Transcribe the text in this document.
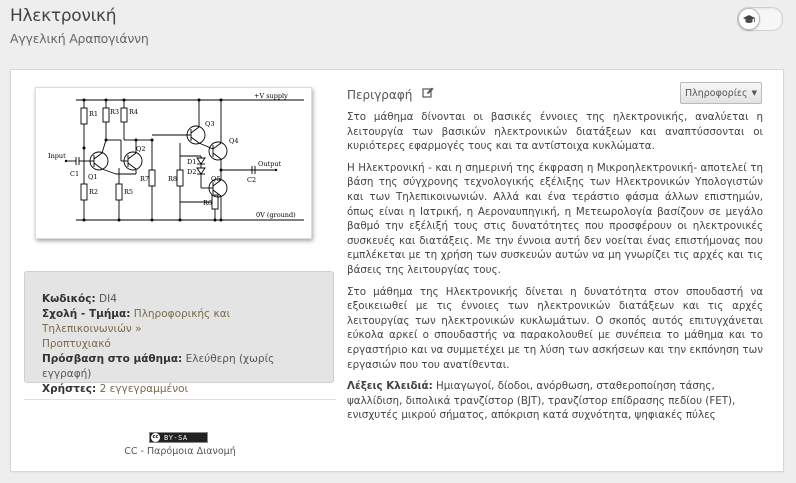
Ηλεκτρονική
Αγγελική Αραπογιάννη
R1 R3 R4
R2	R5
R7	R8
R6
Q1
Q2
Q3
Q4
Q5
C1
C2
D1
D2
Input
Output
+V supply
0V (ground)
Κωδικός: DI4
Σχολή - Τμήμα: Πληροφορικής και Τηλεπικοινωνιών »
Προπτυχιακό
Πρόσβαση στο μάθημα: Ελεύθερη (χωρίς εγγραφή)
Χρήστες: 2 εγγεγραμμένοι
cc BY-SA
CC - Παρόμοια Διανομή
Περιγραφή	Πληροφορίες ▼

Στο μάθημα δίνονται οι βασικές έννοιες της ηλεκτρονικής, αναλύεται η λειτουργία των βασικών ηλεκτρονικών διατάξεων και αναπτύσσονται οι κυριότερες εφαρμογές τους και τα αντίστοιχα κυκλώματα.

Η Ηλεκτρονική - και η σημερινή της έκφραση η Μικροηλεκτρονική- αποτελεί τη βάση της σύγχρονης τεχνολογικής εξέλιξης των Ηλεκτρονικών Υπολογιστών και των Τηλεπικοινωνιών. Αλλά και ένα τεράστιο φάσμα άλλων επιστημών, όπως είναι η Ιατρική, η Αεροναυπηγική, η Μετεωρολογία βασίζουν σε μεγάλο βαθμό την εξέλιξή τους στις δυνατότητες που προσφέρουν οι ηλεκτρονικές συσκευές και διατάξεις. Με την έννοια αυτή δεν νοείται ένας επιστήμονας που εμπλέκεται με τη χρήση των συσκευών αυτών να μη γνωρίζει τις αρχές και τις βάσεις της λειτουργίας τους.

Στο μάθημα της Ηλεκτρονικής δίνεται η δυνατότητα στον σπουδαστή να εξοικειωθεί με τις έννοιες των ηλεκτρονικών διατάξεων και τις αρχές λειτουργίας των ηλεκτρονικών κυκλωμάτων. Ο σκοπός αυτός επιτυγχάνεται εύκολα αρκεί ο σπουδαστής να παρακολουθεί με συνέπεια το μάθημα και το εργαστήριο και να συμμετέχει με τη λύση των ασκήσεων και την εκπόνηση των εργασιών που του ανατίθενται.

Λέξεις Κλειδιά: Ημιαγωγοί, δίοδοι, ανόρθωση, σταθεροποίηση τάσης, ψαλλίδιση, διπολικά τρανζίστορ (BJT), τρανζίστορ επίδρασης πεδίου (FET), ενισχυτές μικρού σήματος, απόκριση κατά συχνότητα, ψηφιακές πύλες
